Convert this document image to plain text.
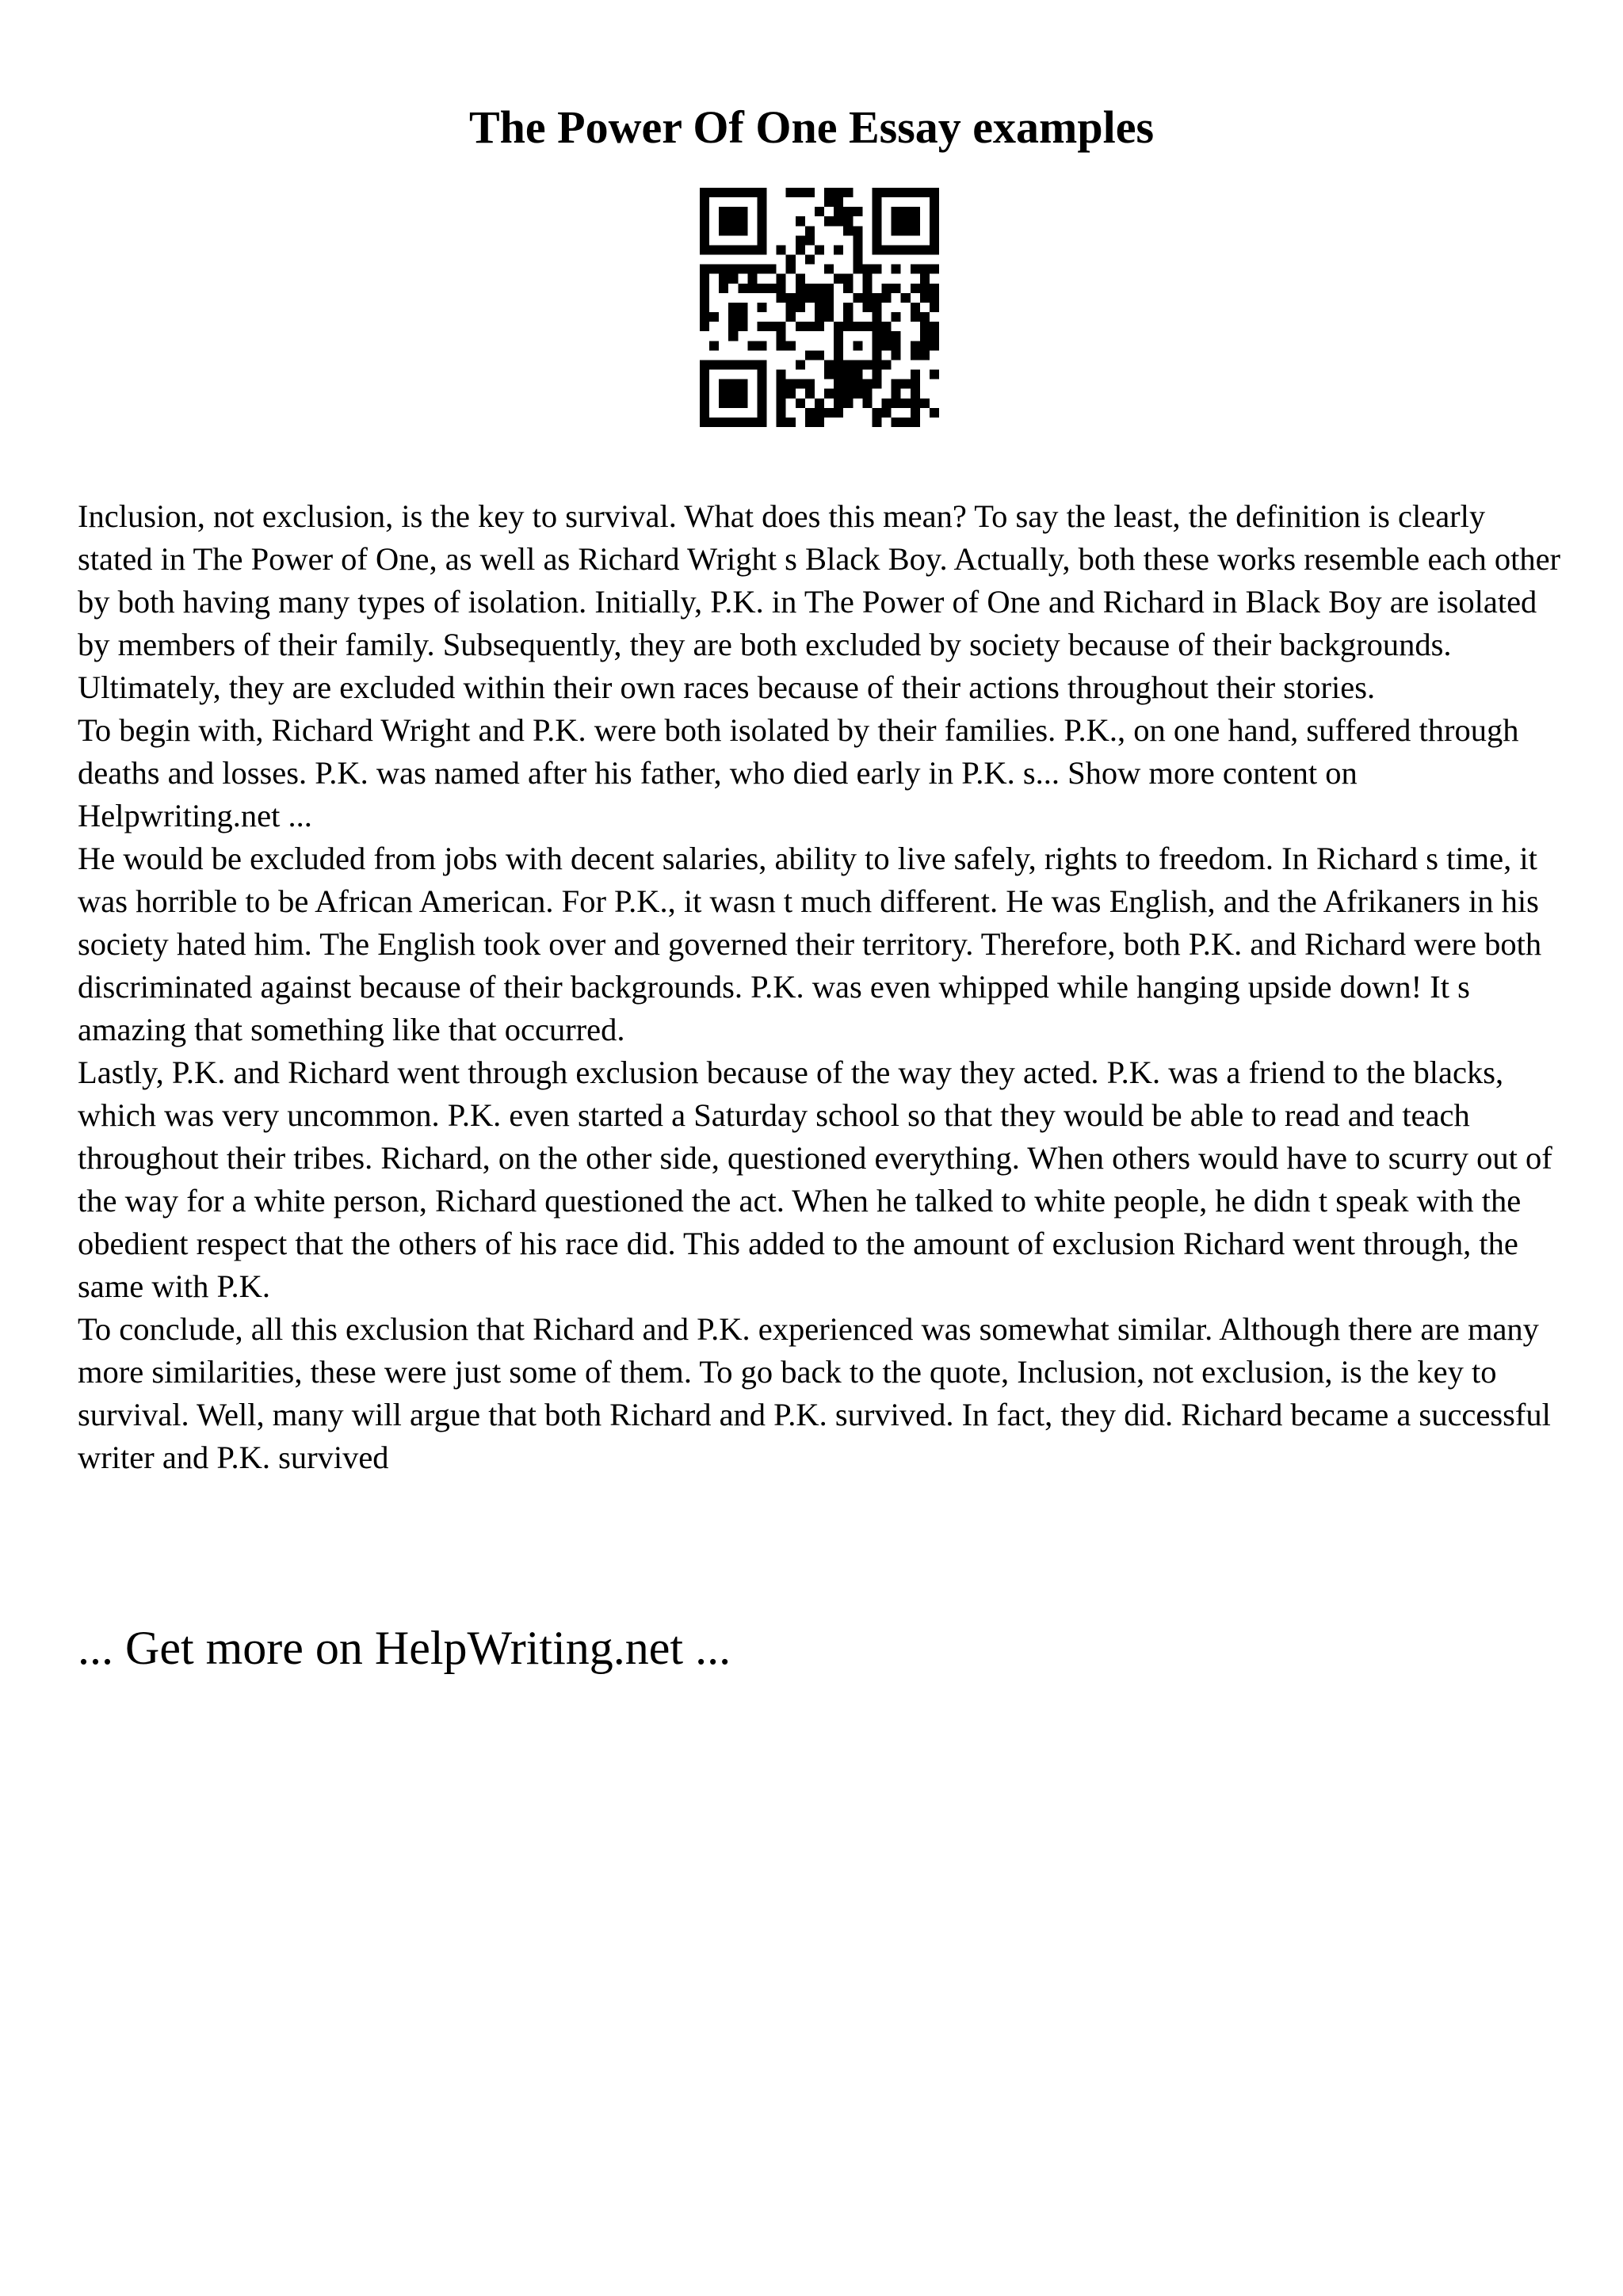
The Power Of One Essay examples

Inclusion, not exclusion, is the key to survival. What does this mean? To say the least, the definition is clearly stated in The Power of One, as well as Richard Wright s Black Boy. Actually, both these works resemble each other by both having many types of isolation. Initially, P.K. in The Power of One and Richard in Black Boy are isolated by members of their family. Subsequently, they are both excluded by society because of their backgrounds. Ultimately, they are excluded within their own races because of their actions throughout their stories.

To begin with, Richard Wright and P.K. were both isolated by their families. P.K., on one hand, suffered through deaths and losses. P.K. was named after his father, who died early in P.K. s... Show more content on Helpwriting.net ...

He would be excluded from jobs with decent salaries, ability to live safely, rights to freedom. In Richard s time, it was horrible to be African American. For P.K., it wasn t much different. He was English, and the Afrikaners in his society hated him. The English took over and governed their territory. Therefore, both P.K. and Richard were both discriminated against because of their backgrounds. P.K. was even whipped while hanging upside down! It s amazing that something like that occurred.

Lastly, P.K. and Richard went through exclusion because of the way they acted. P.K. was a friend to the blacks, which was very uncommon. P.K. even started a Saturday school so that they would be able to read and teach throughout their tribes. Richard, on the other side, questioned everything. When others would have to scurry out of the way for a white person, Richard questioned the act. When he talked to white people, he didn t speak with the obedient respect that the others of his race did. This added to the amount of exclusion Richard went through, the same with P.K.

To conclude, all this exclusion that Richard and P.K. experienced was somewhat similar. Although there are many more similarities, these were just some of them. To go back to the quote, Inclusion, not exclusion, is the key to survival. Well, many will argue that both Richard and P.K. survived. In fact, they did. Richard became a successful writer and P.K. survived

... Get more on HelpWriting.net ...
